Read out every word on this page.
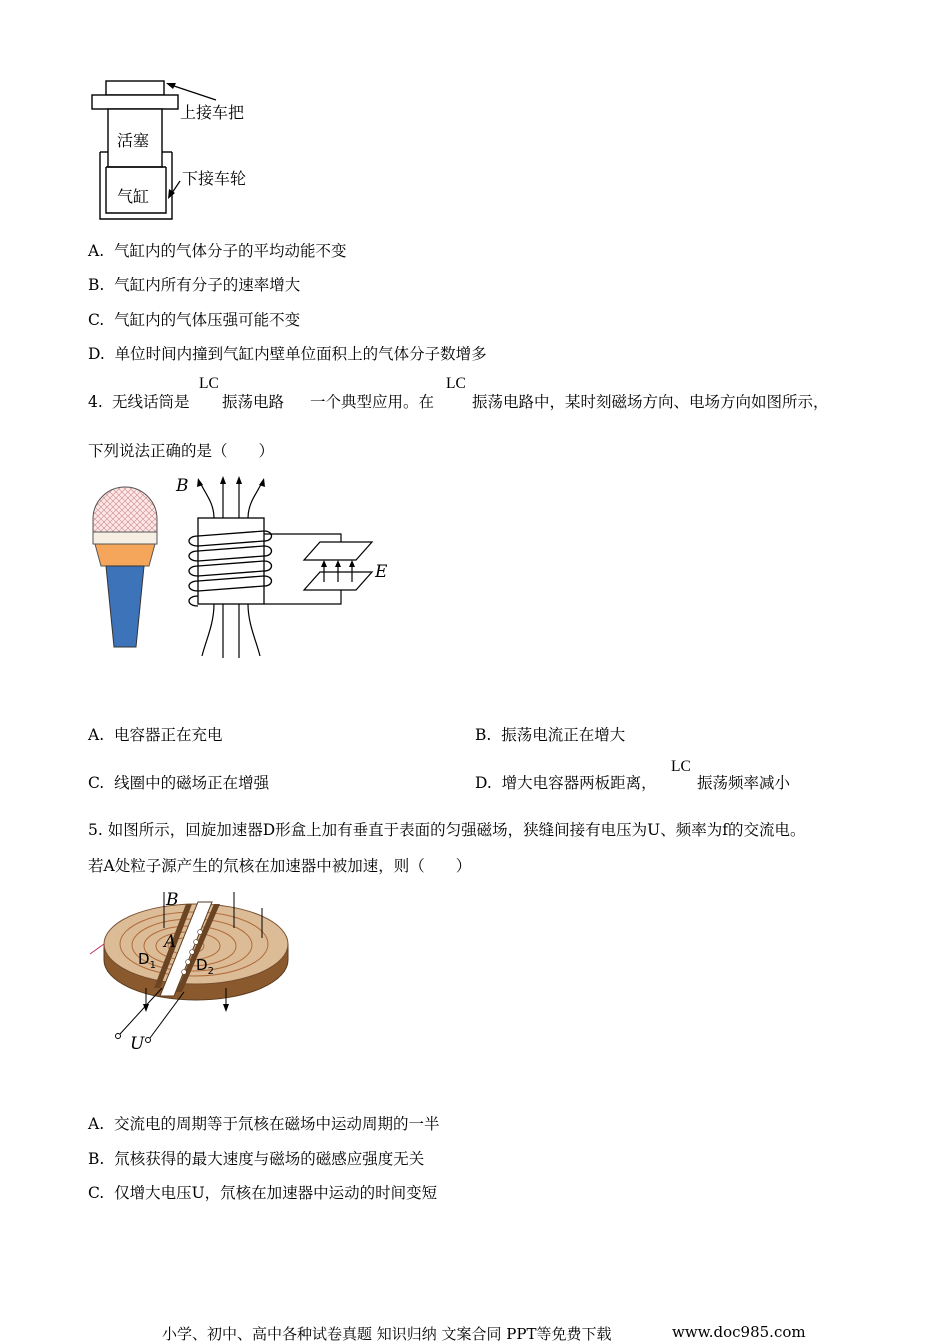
上接车把
活塞
下接车轮
气缸
A. 气缸内的气体分子的平均动能不变
B. 气缸内所有分子的速率增大
C. 气缸内的气体压强可能不变
D. 单位时间内撞到气缸内壁单位面积上的气体分子数增多
4. 无线话筒是
LC
振荡电路 一个典型应用。在
LC
振荡电路中，某时刻磁场方向、电场方向如图所示，
下列说法正确的是（　　）
B
E
A. 电容器正在充电	B. 振荡电流正在增大
C. 线圈中的磁场正在增强	D. 增大电容器两板距离，
LC
振荡频率减小
5. 如图所示，回旋加速器D形盒上加有垂直于表面的匀强磁场，狭缝间接有电压为U、频率为f的交流电。
若A处粒子源产生的氘核在加速器中被加速，则（　　）
B
A
$D_1$	$D_2$
U
A. 交流电的周期等于氘核在磁场中运动周期的一半
B. 氘核获得的最大速度与磁场的磁感应强度无关
C. 仅增大电压U，氘核在加速器中运动的时间变短
小学、初中、高中各种试卷真题 知识归纳 文案合同 PPT等免费下载	www.doc985.com
